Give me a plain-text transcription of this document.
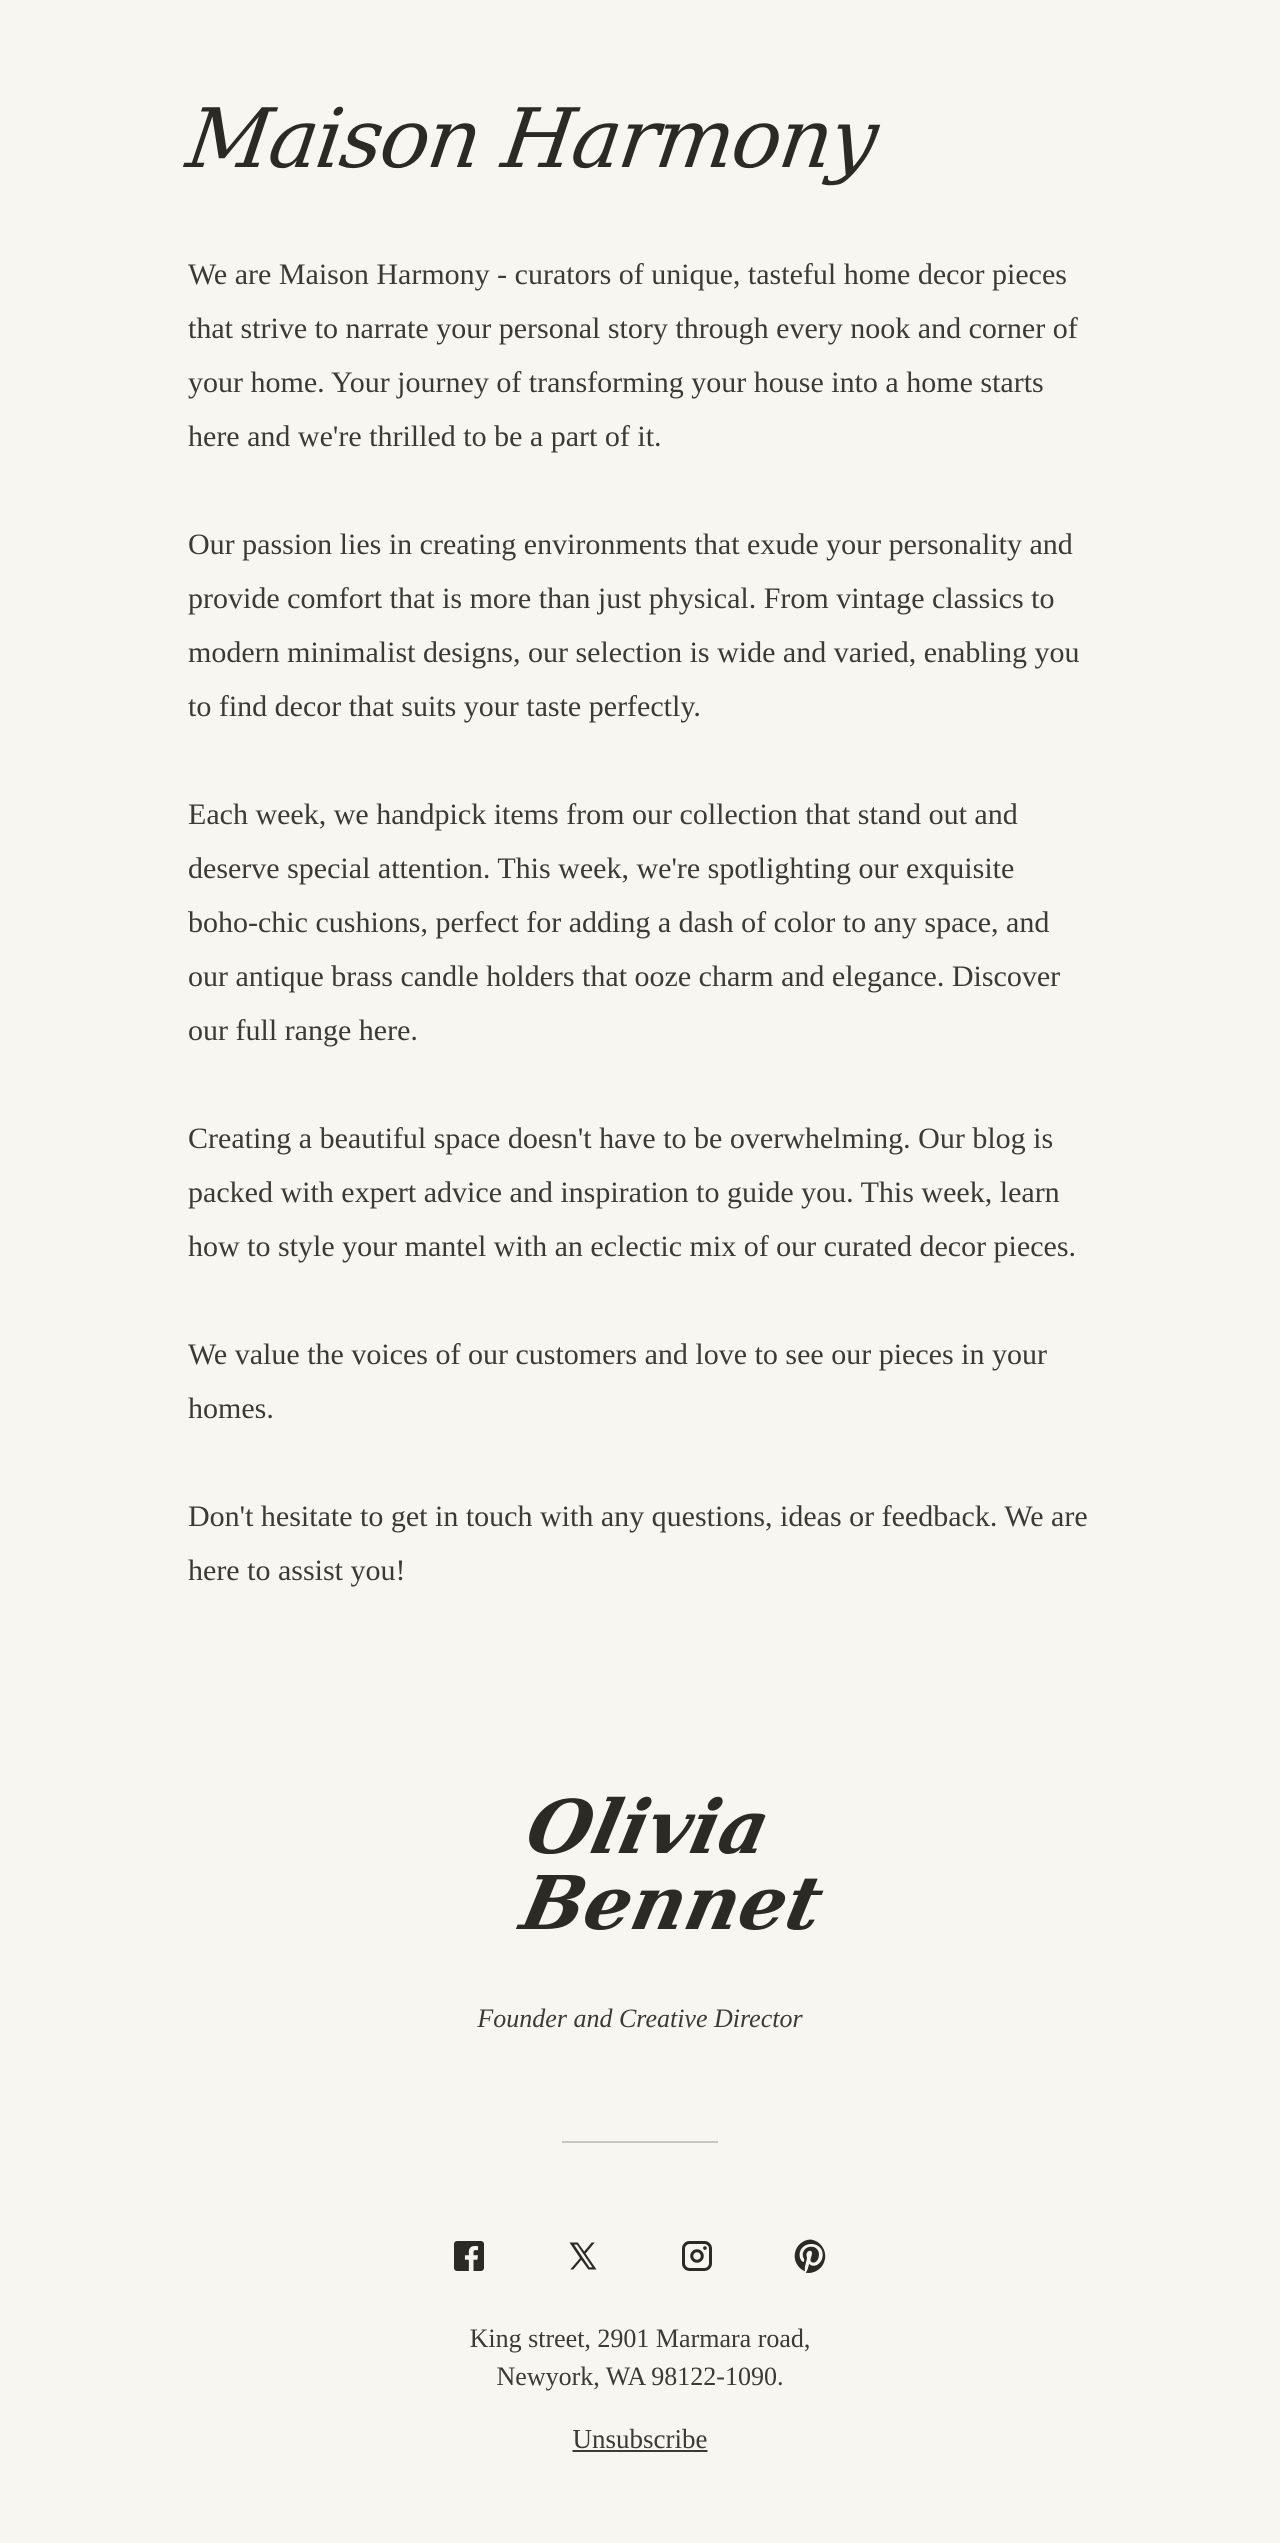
Maison Harmony

We are Maison Harmony - curators of unique, tasteful home decor pieces that strive to narrate your personal story through every nook and corner of your home. Your journey of transforming your house into a home starts here and we're thrilled to be a part of it.

Our passion lies in creating environments that exude your personality and provide comfort that is more than just physical. From vintage classics to modern minimalist designs, our selection is wide and varied, enabling you to find decor that suits your taste perfectly.

Each week, we handpick items from our collection that stand out and deserve special attention. This week, we're spotlighting our exquisite boho-chic cushions, perfect for adding a dash of color to any space, and our antique brass candle holders that ooze charm and elegance. Discover our full range here.

Creating a beautiful space doesn't have to be overwhelming. Our blog is packed with expert advice and inspiration to guide you. This week, learn how to style your mantel with an eclectic mix of our curated decor pieces.

We value the voices of our customers and love to see our pieces in your homes.

Don't hesitate to get in touch with any questions, ideas or feedback. We are here to assist you!

Olivia
Bennet
Founder and Creative Director
King street, 2901 Marmara road,
Newyork, WA 98122-1090.
Unsubscribe
